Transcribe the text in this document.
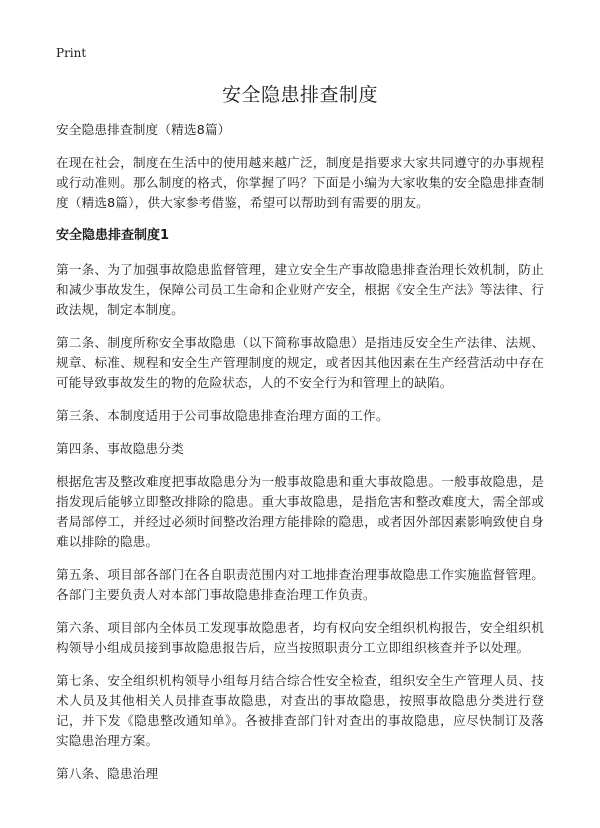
Print
安全隐患排查制度

安全隐患排查制度（精选8篇）

在现在社会，制度在生活中的使用越来越广泛，制度是指要求大家共同遵守的办事规程或行动准则。那么制度的格式，你掌握了吗？下面是小编为大家收集的安全隐患排查制度（精选8篇），供大家参考借鉴，希望可以帮助到有需要的朋友。

安全隐患排查制度1

第一条、为了加强事故隐患监督管理，建立安全生产事故隐患排查治理长效机制，防止和减少事故发生，保障公司员工生命和企业财产安全，根据《安全生产法》等法律、行政法规，制定本制度。

第二条、制度所称安全事故隐患（以下简称事故隐患）是指违反安全生产法律、法规、规章、标准、规程和安全生产管理制度的规定，或者因其他因素在生产经营活动中存在可能导致事故发生的物的危险状态，人的不安全行为和管理上的缺陷。

第三条、本制度适用于公司事故隐患排查治理方面的工作。

第四条、事故隐患分类

根据危害及整改难度把事故隐患分为一般事故隐患和重大事故隐患。一般事故隐患，是指发现后能够立即整改排除的隐患。重大事故隐患，是指危害和整改难度大，需全部或者局部停工，并经过必须时间整改治理方能排除的隐患，或者因外部因素影响致使自身难以排除的隐患。

第五条、项目部各部门在各自职责范围内对工地排查治理事故隐患工作实施监督管理。各部门主要负责人对本部门事故隐患排查治理工作负责。

第六条、项目部内全体员工发现事故隐患者，均有权向安全组织机构报告，安全组织机构领导小组成员接到事故隐患报告后，应当按照职责分工立即组织核查并予以处理。

第七条、安全组织机构领导小组每月结合综合性安全检查，组织安全生产管理人员、技术人员及其他相关人员排查事故隐患，对查出的事故隐患，按照事故隐患分类进行登记，并下发《隐患整改通知单》。各被排查部门针对查出的事故隐患，应尽快制订及落实隐患治理方案。

第八条、隐患治理
